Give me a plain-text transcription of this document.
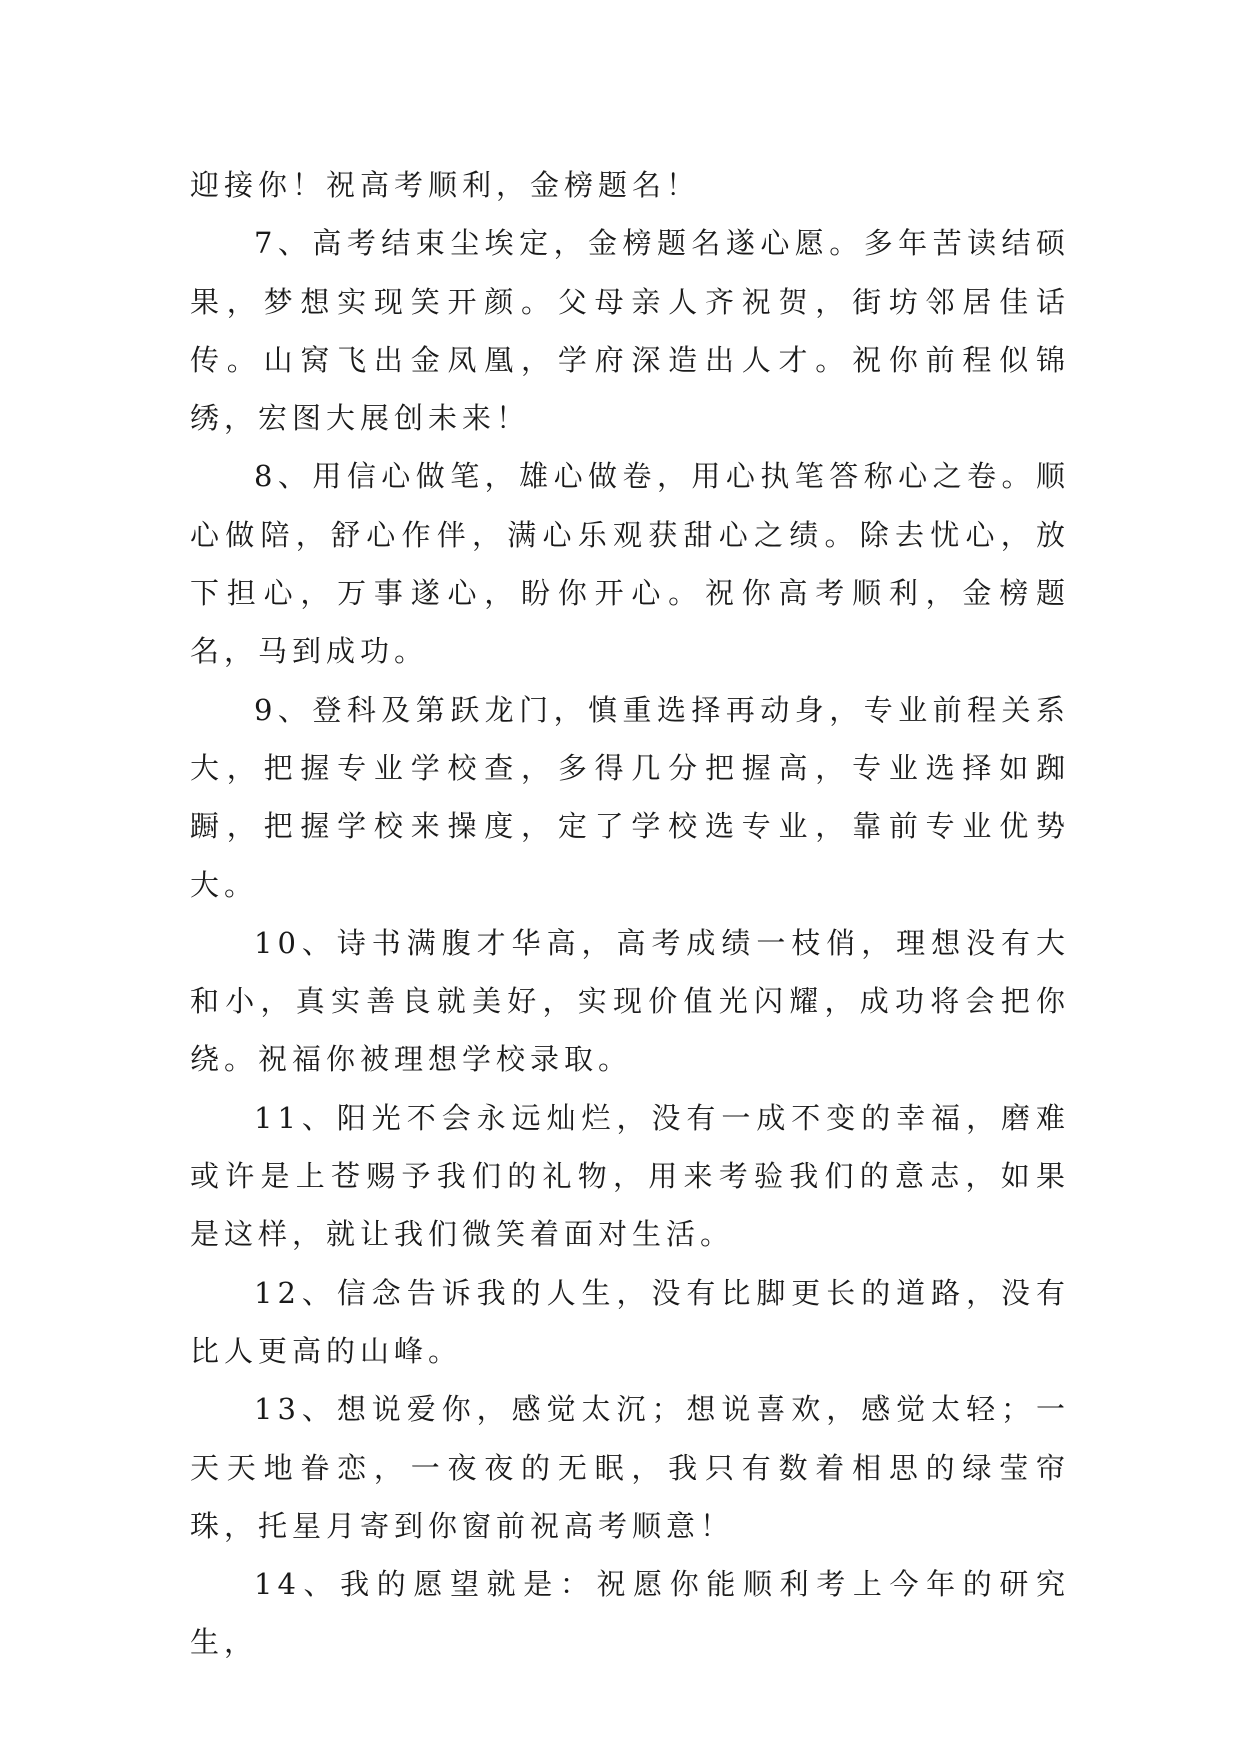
迎接你！祝高考顺利，金榜题名！

7、高考结束尘埃定，金榜题名遂心愿。多年苦读结硕果，梦想实现笑开颜。父母亲人齐祝贺，街坊邻居佳话传。山窝飞出金凤凰，学府深造出人才。祝你前程似锦绣，宏图大展创未来！

8、用信心做笔，雄心做卷，用心执笔答称心之卷。顺心做陪，舒心作伴，满心乐观获甜心之绩。除去忧心，放下担心，万事遂心，盼你开心。祝你高考顺利，金榜题名，马到成功。

9、登科及第跃龙门，慎重选择再动身，专业前程关系大，把握专业学校查，多得几分把握高，专业选择如踟蹰，把握学校来操度，定了学校选专业，靠前专业优势大。

10、诗书满腹才华高，高考成绩一枝俏，理想没有大和小，真实善良就美好，实现价值光闪耀，成功将会把你绕。祝福你被理想学校录取。

11、阳光不会永远灿烂，没有一成不变的幸福，磨难或许是上苍赐予我们的礼物，用来考验我们的意志，如果是这样，就让我们微笑着面对生活。

12、信念告诉我的人生，没有比脚更长的道路，没有比人更高的山峰。

13、想说爱你，感觉太沉；想说喜欢，感觉太轻；一天天地眷恋，一夜夜的无眠，我只有数着相思的绿莹帘珠，托星月寄到你窗前祝高考顺意！

14、我的愿望就是：祝愿你能顺利考上今年的研究生，
